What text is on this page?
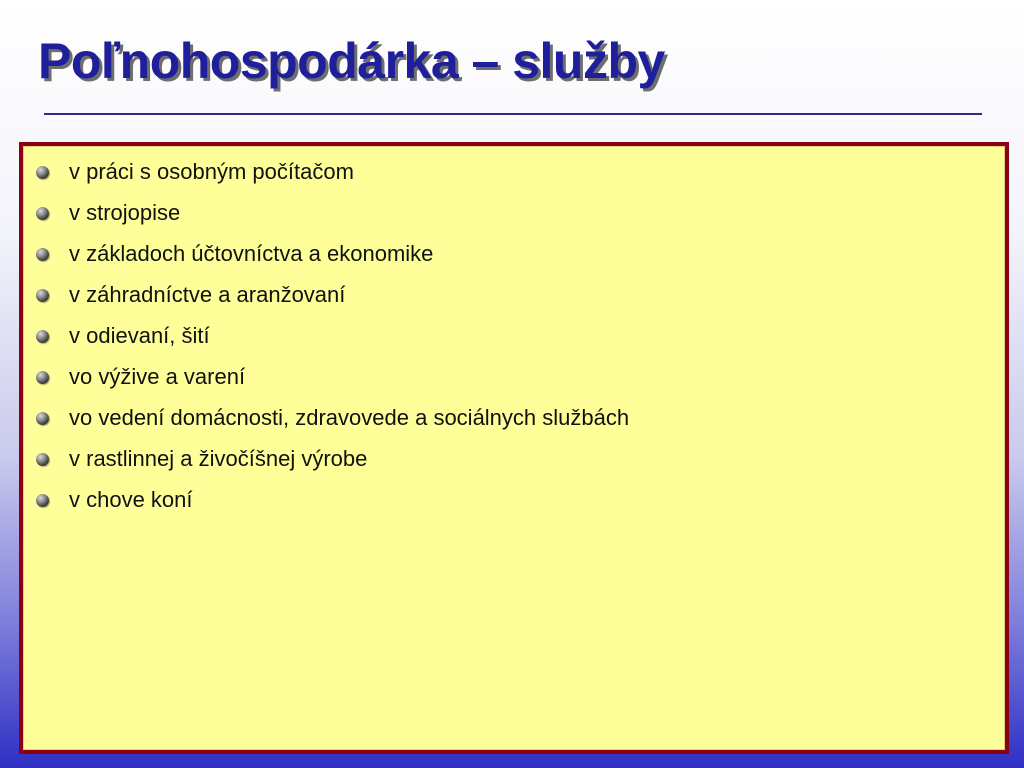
Poľnohospodárka – služby
v práci s osobným počítačom
v strojopise
v základoch účtovníctva a ekonomike
v záhradníctve a aranžovaní
v odievaní, šití
vo výžive a varení
vo vedení domácnosti, zdravovede a sociálnych službách
v rastlinnej a živočíšnej výrobe
v chove koní
